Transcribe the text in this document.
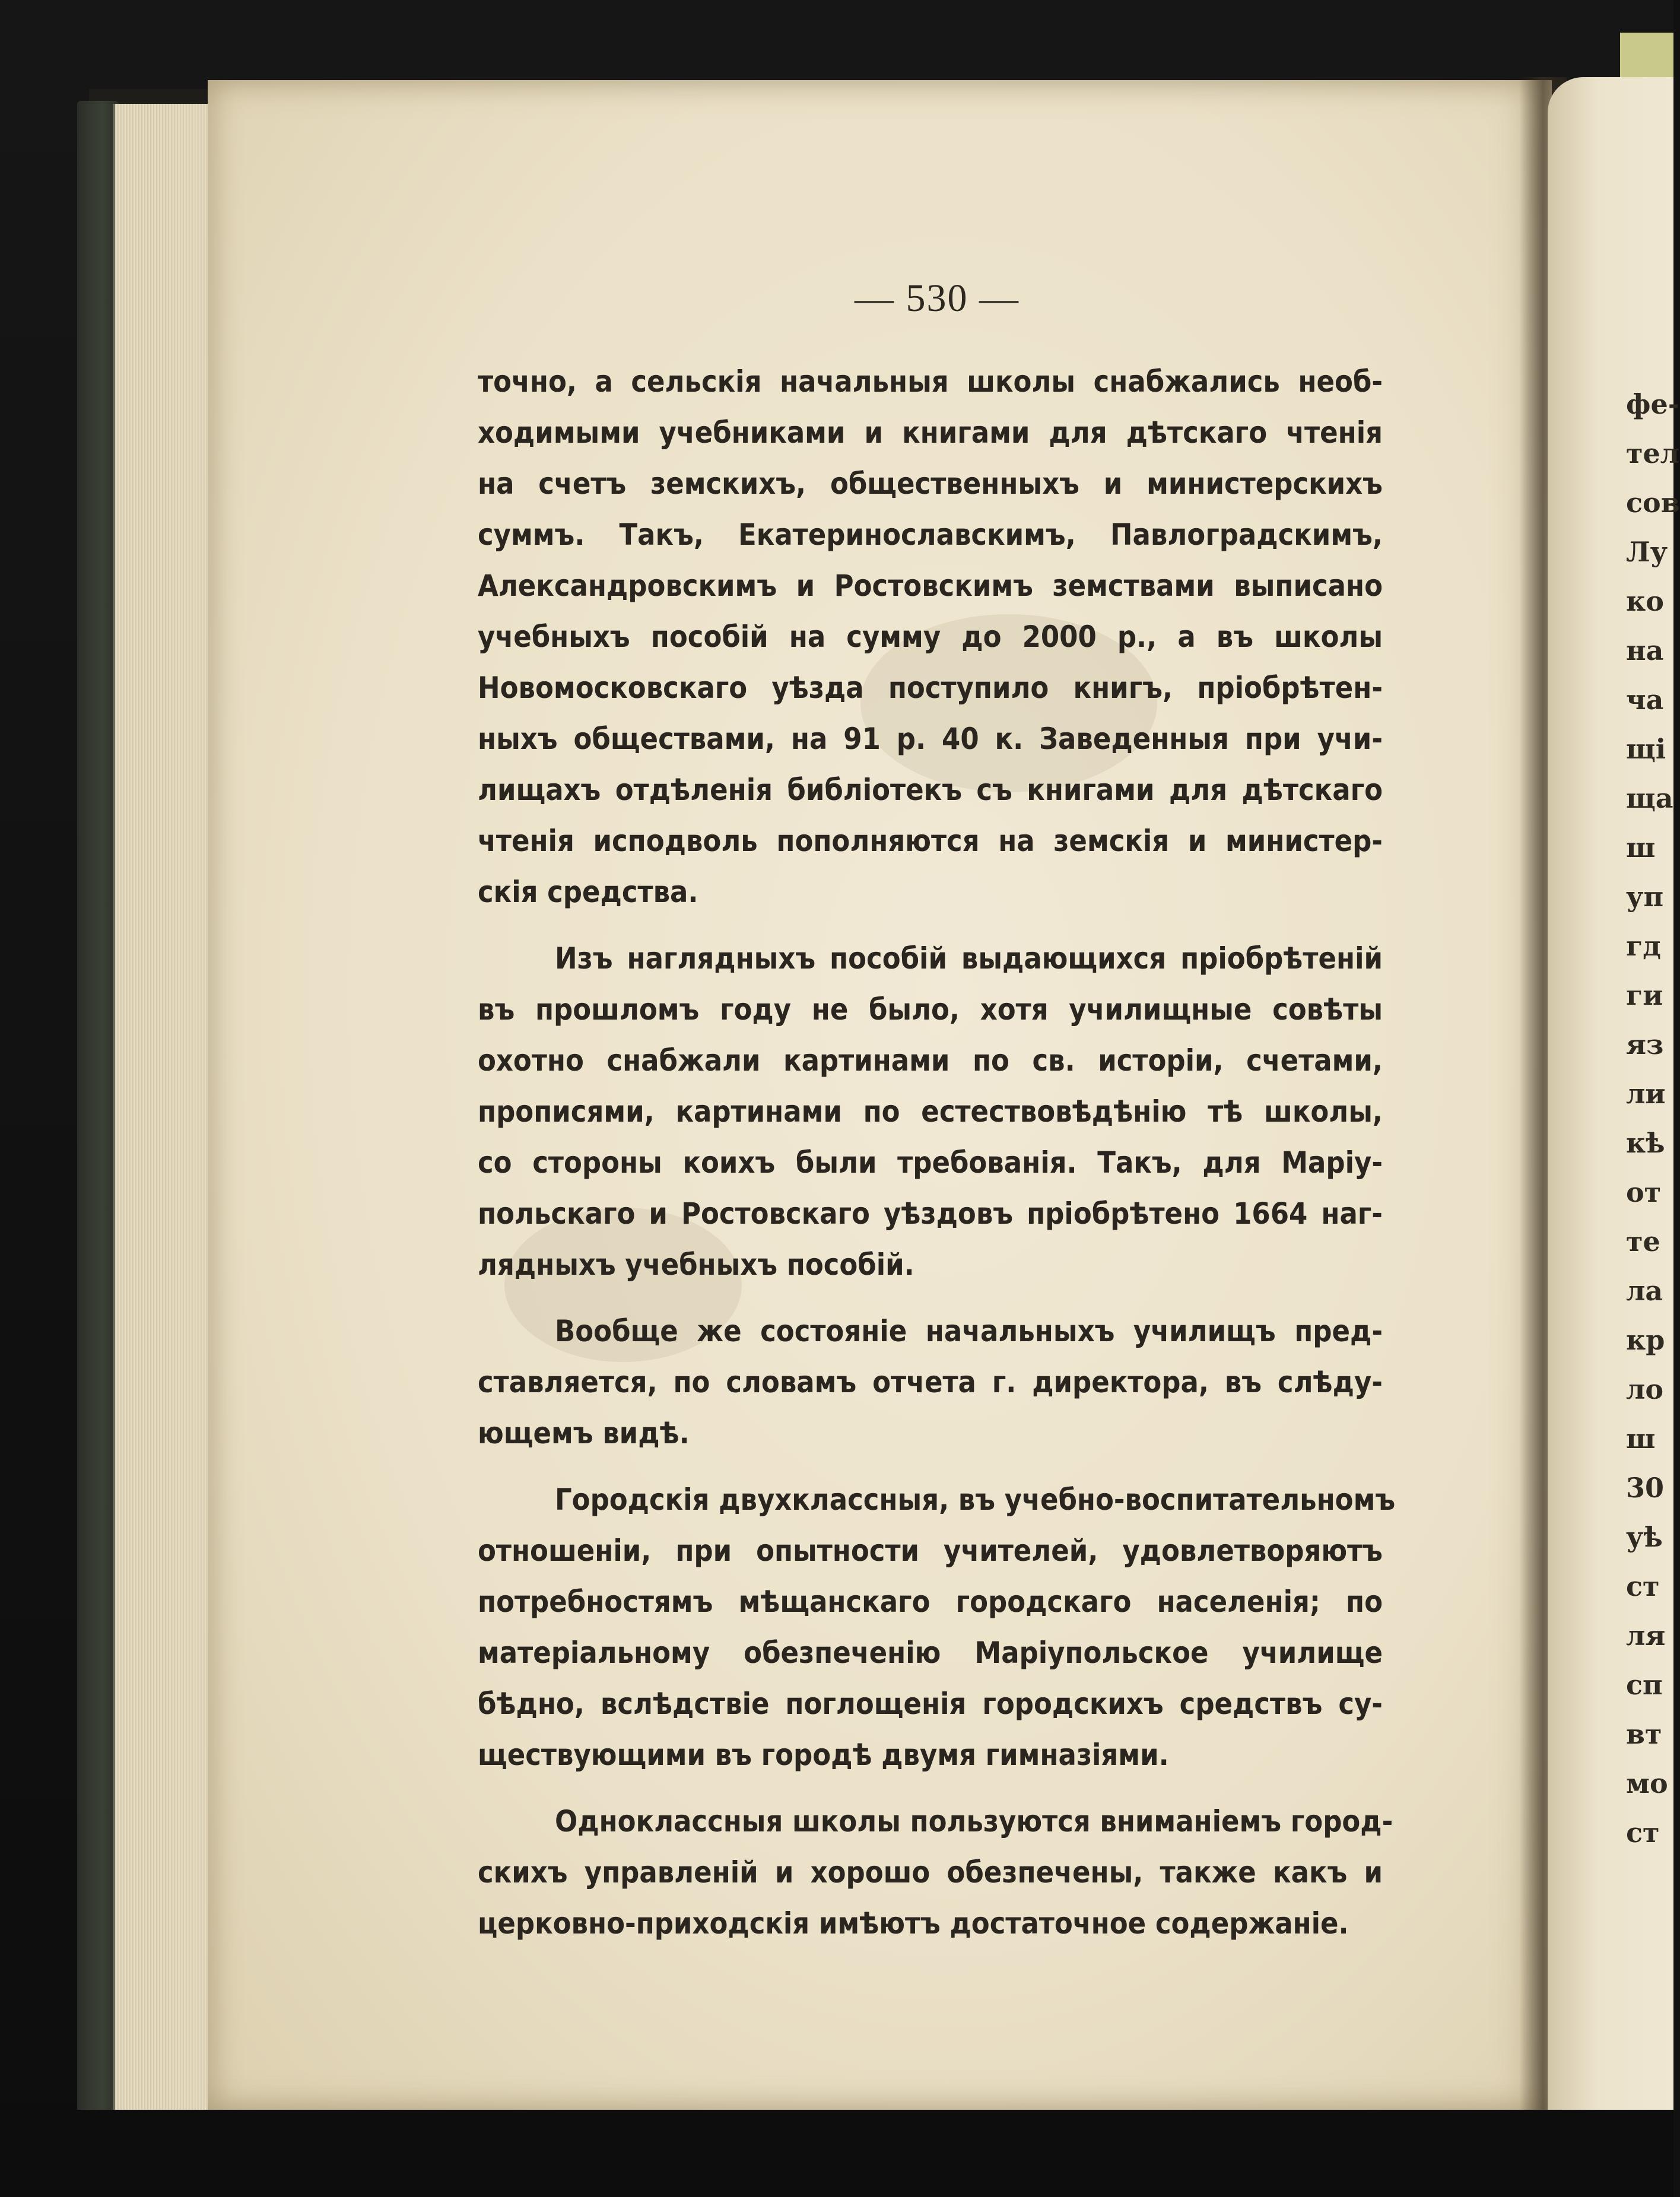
— 530 —
точно, а сельскія начальныя школы снабжались необ-
ходимыми учебниками и книгами для дѣтскаго чтенія
на счетъ земскихъ, общественныхъ и министерскихъ
суммъ. Такъ, Екатеринославскимъ, Павлоградскимъ,
Александровскимъ и Ростовскимъ земствами выписано
учебныхъ пособій на сумму до 2000 р., а въ школы
Новомосковскаго уѣзда поступило книгъ, пріобрѣтен-
ныхъ обществами, на 91 р. 40 к. Заведенныя при учи-
лищахъ отдѣленія библіотекъ съ книгами для дѣтскаго
чтенія исподволь пополняются на земскія и министер-
скія средства.
Изъ наглядныхъ пособій выдающихся пріобрѣтеній
въ прошломъ году не было, хотя училищные совѣты
охотно снабжали картинами по св. исторіи, счетами,
прописями, картинами по естествовѣдѣнію тѣ школы,
со стороны коихъ были требованія. Такъ, для Маріу-
польскаго и Ростовскаго уѣздовъ пріобрѣтено 1664 наг-
лядныхъ учебныхъ пособій.
Вообще же состояніе начальныхъ училищъ пред-
ставляется, по словамъ отчета г. директора, въ слѣду-
ющемъ видѣ.
Городскія двухклассныя, въ учебно-воспитательномъ
отношеніи, при опытности учителей, удовлетворяютъ
потребностямъ мѣщанскаго городскаго населенія; по
матеріальному обезпеченію Маріупольское училище
бѣдно, вслѣдствіе поглощенія городскихъ средствъ су-
ществующими въ городѣ двумя гимназіями.
Одноклассныя школы пользуются вниманіемъ город-
скихъ управленій и хорошо обезпечены, также какъ и
церковно-приходскія имѣютъ достаточное содержаніе.
фе-
тел
сов
Лу
ко
на
ча
щі
ща
ш
уп
гд
ги
яз
ли
кѣ
от
те
ла
кр
ло
ш
30
уѣ
ст
ля
сп
вт
мо
ст
